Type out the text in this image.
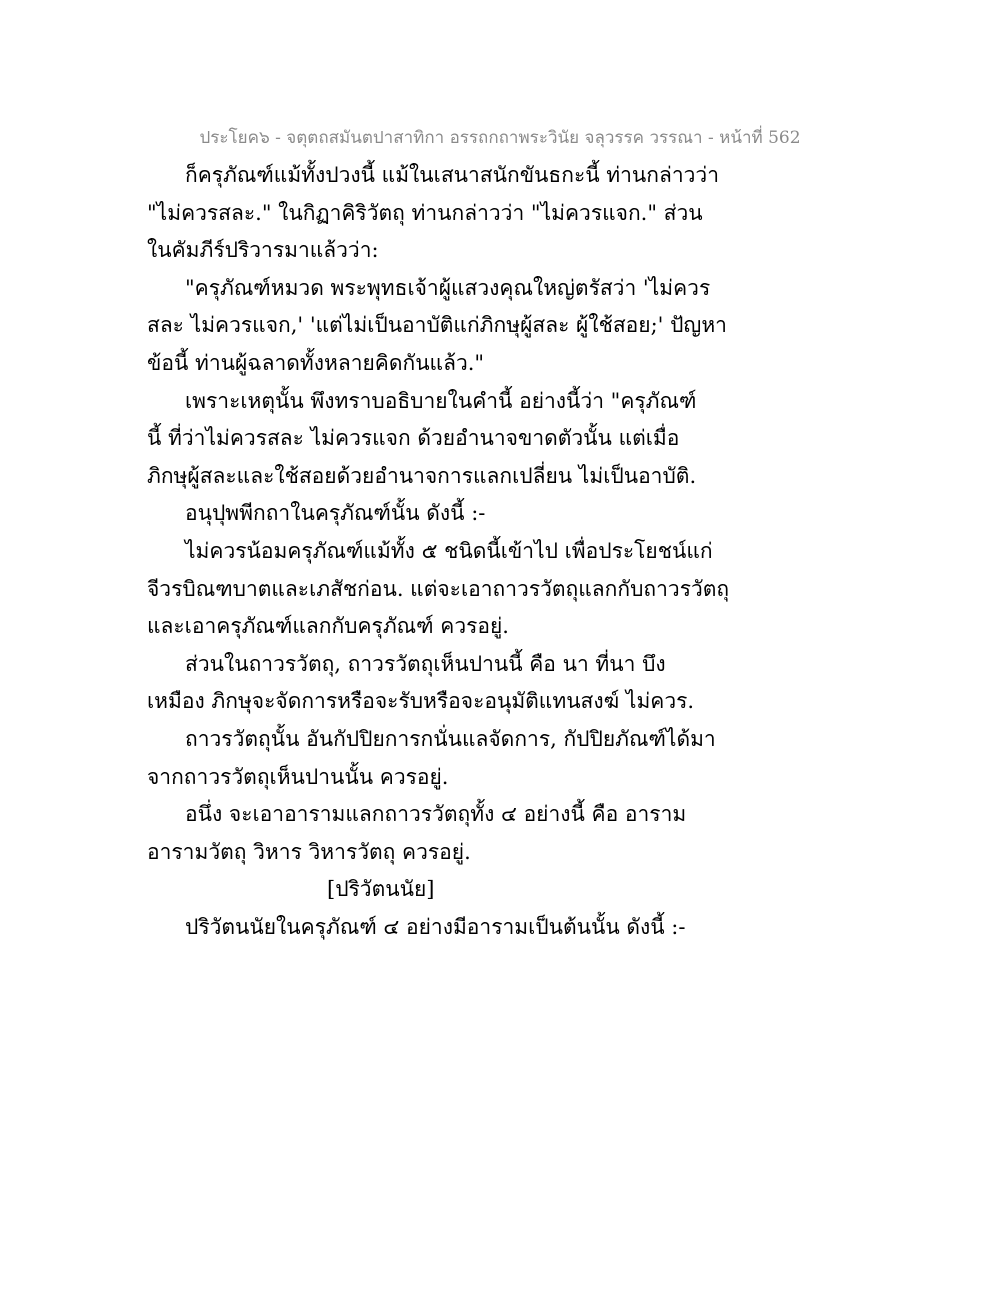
ประโยค๖ - จตุตถสมันตปาสาทิกา อรรถกถาพระวินัย จลุวรรค วรรณา - หน้าที่ 562
ก็ครุภัณฑ์แม้ทั้งปวงนี้ แม้ในเสนาสนักขันธกะนี้ ท่านกล่าวว่า
"ไม่ควรสละ." ในกิฏาคิริวัตถุ ท่านกล่าวว่า "ไม่ควรแจก." ส่วน
ในคัมภีร์ปริวารมาแล้วว่า:
"ครุภัณฑ์หมวด พระพุทธเจ้าผู้แสวงคุณใหญ่ตรัสว่า 'ไม่ควร
สละ ไม่ควรแจก,' 'แต่ไม่เป็นอาบัติแก่ภิกษุผู้สละ ผู้ใช้สอย;' ปัญหา
ข้อนี้ ท่านผู้ฉลาดทั้งหลายคิดกันแล้ว."
เพราะเหตุนั้น พึงทราบอธิบายในคำนี้ อย่างนี้ว่า "ครุภัณฑ์
นี้ ที่ว่าไม่ควรสละ ไม่ควรแจก ด้วยอำนาจขาดตัวนั้น แต่เมื่อ
ภิกษุผู้สละและใช้สอยด้วยอำนาจการแลกเปลี่ยน ไม่เป็นอาบัติ.
อนุปุพพีกถาในครุภัณฑ์นั้น ดังนี้ :-
ไม่ควรน้อมครุภัณฑ์แม้ทั้ง ๕ ชนิดนี้เข้าไป เพื่อประโยชน์แก่
จีวรบิณฑบาตและเภสัชก่อน. แต่จะเอาถาวรวัตถุแลกกับถาวรวัตถุ
และเอาครุภัณฑ์แลกกับครุภัณฑ์ ควรอยู่.
ส่วนในถาวรวัตถุ, ถาวรวัตถุเห็นปานนี้ คือ นา ที่นา บึง
เหมือง ภิกษุจะจัดการหรือจะรับหรือจะอนุมัติแทนสงฆ์ ไม่ควร.
ถาวรวัตถุนั้น อันกัปปิยการกนั่นแลจัดการ, กัปปิยภัณฑ์ได้มา
จากถาวรวัตถุเห็นปานนั้น ควรอยู่.
อนึ่ง จะเอาอารามแลกถาวรวัตถุทั้ง ๔ อย่างนี้ คือ อาราม
อารามวัตถุ วิหาร วิหารวัตถุ ควรอยู่.
[ปริวัตนนัย]
ปริวัตนนัยในครุภัณฑ์ ๔ อย่างมีอารามเป็นต้นนั้น ดังนี้ :-
